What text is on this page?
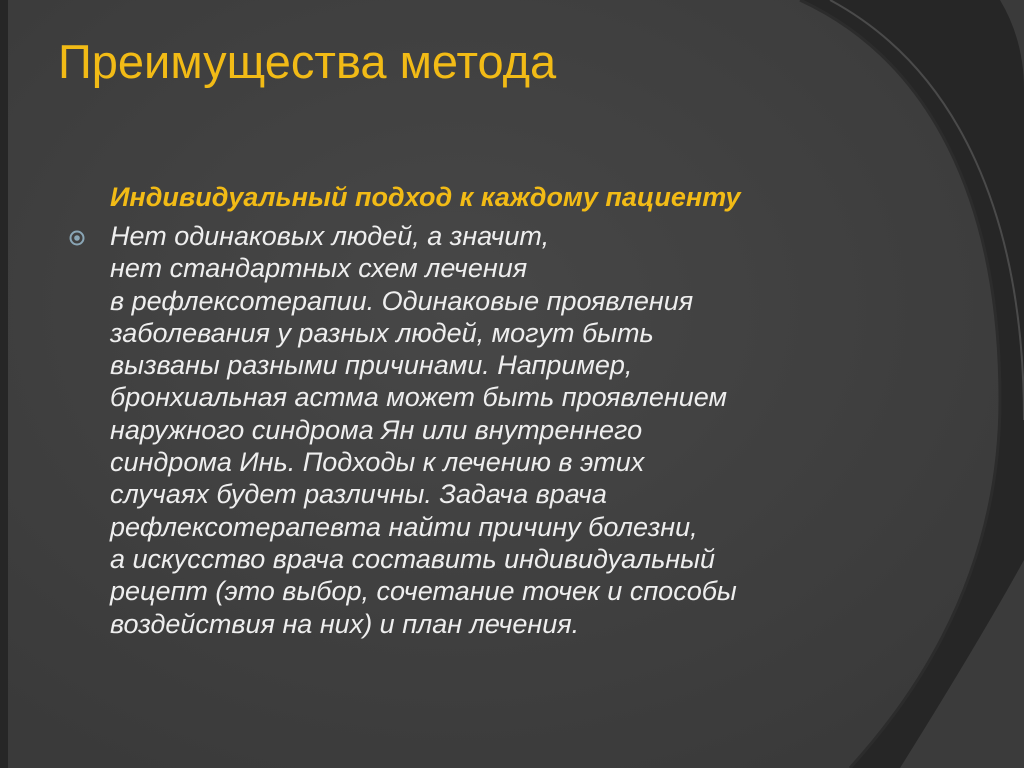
Преимущества метода
Индивидуальный подход к каждому пациенту

Нет одинаковых людей, а значит,
нет стандартных схем лечения
в рефлексотерапии. Одинаковые проявления
заболевания у разных людей, могут быть
вызваны разными причинами. Например,
бронхиальная астма может быть проявлением
наружного синдрома Ян или внутреннего
синдрома Инь. Подходы к лечению в этих
случаях будет различны. Задача врача
рефлексотерапевта найти причину болезни,
а искусство врача составить индивидуальный
рецепт (это выбор, сочетание точек и способы
воздействия на них) и план лечения.
